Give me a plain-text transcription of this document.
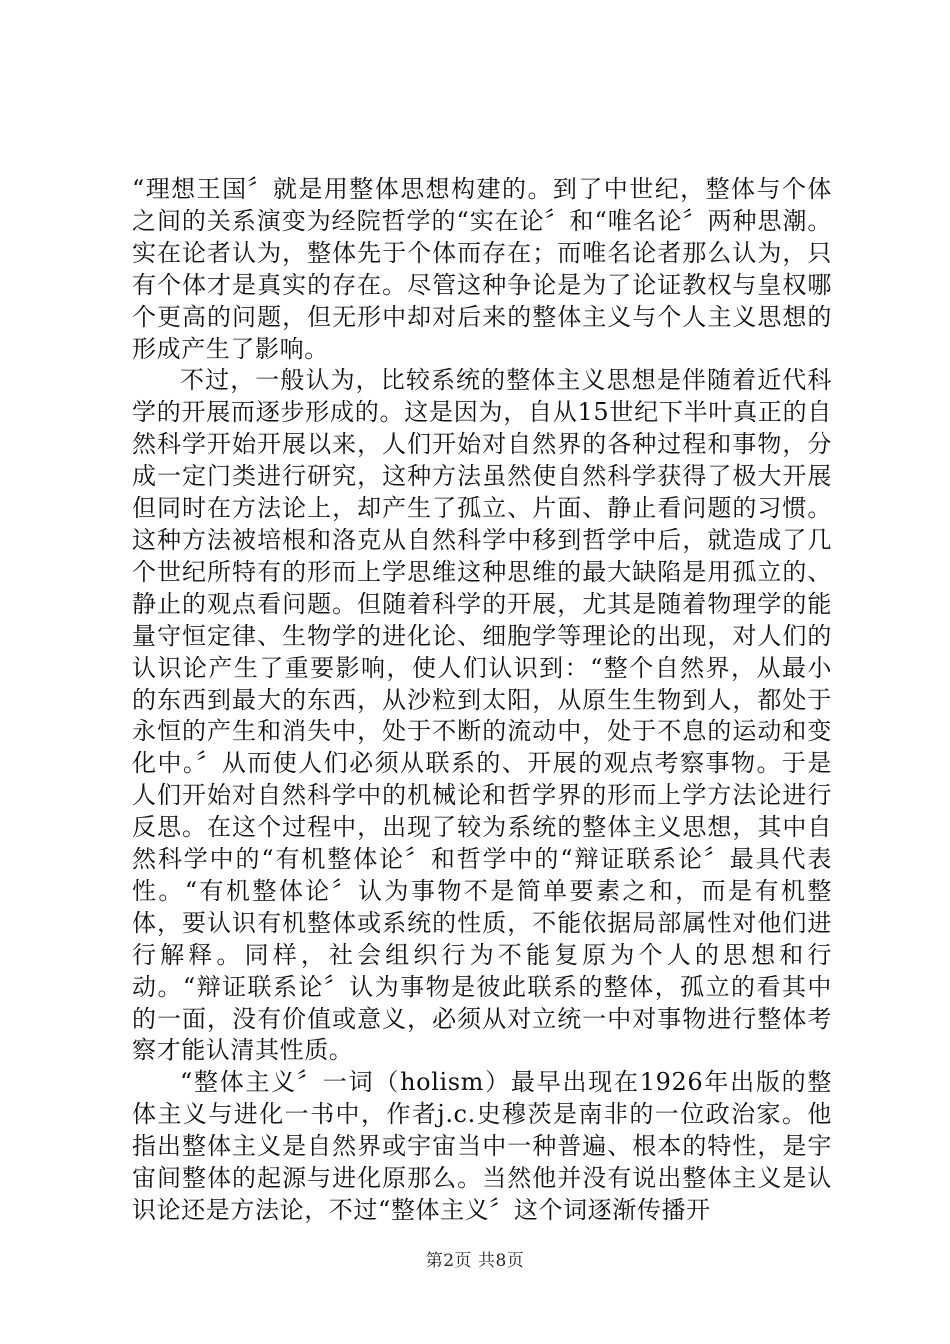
“理想王国〞就是用整体思想构建的。到了中世纪，整体与个体之间的关系演变为经院哲学的“实在论〞和“唯名论〞两种思潮。实在论者认为，整体先于个体而存在；而唯名论者那么认为，只有个体才是真实的存在。尽管这种争论是为了论证教权与皇权哪个更高的问题，但无形中却对后来的整体主义与个人主义思想的形成产生了影响。

不过，一般认为，比较系统的整体主义思想是伴随着近代科学的开展而逐步形成的。这是因为，自从15世纪下半叶真正的自然科学开始开展以来，人们开始对自然界的各种过程和事物，分成一定门类进行研究，这种方法虽然使自然科学获得了极大开展但同时在方法论上，却产生了孤立、片面、静止看问题的习惯。这种方法被培根和洛克从自然科学中移到哲学中后，就造成了几个世纪所特有的形而上学思维这种思维的最大缺陷是用孤立的、静止的观点看问题。但随着科学的开展，尤其是随着物理学的能量守恒定律、生物学的进化论、细胞学等理论的出现，对人们的认识论产生了重要影响，使人们认识到：“整个自然界，从最小的东西到最大的东西，从沙粒到太阳，从原生生物到人，都处于永恒的产生和消失中，处于不断的流动中，处于不息的运动和变化中。〞从而使人们必须从联系的、开展的观点考察事物。于是人们开始对自然科学中的机械论和哲学界的形而上学方法论进行反思。在这个过程中，出现了较为系统的整体主义思想，其中自然科学中的“有机整体论〞和哲学中的“辩证联系论〞最具代表性。“有机整体论〞认为事物不是简单要素之和，而是有机整体，要认识有机整体或系统的性质，不能依据局部属性对他们进行解释。同样，社会组织行为不能复原为个人的思想和行动。“辩证联系论〞认为事物是彼此联系的整体，孤立的看其中的一面，没有价值或意义，必须从对立统一中对事物进行整体考察才能认清其性质。

“整体主义〞一词（holism）最早出现在1926年出版的整体主义与进化一书中，作者j.c.史穆茨是南非的一位政治家。他指出整体主义是自然界或宇宙当中一种普遍、根本的特性，是宇宙间整体的起源与进化原那么。当然他并没有说出整体主义是认识论还是方法论，不过“整体主义〞这个词逐渐传播开

第2页 共8页
